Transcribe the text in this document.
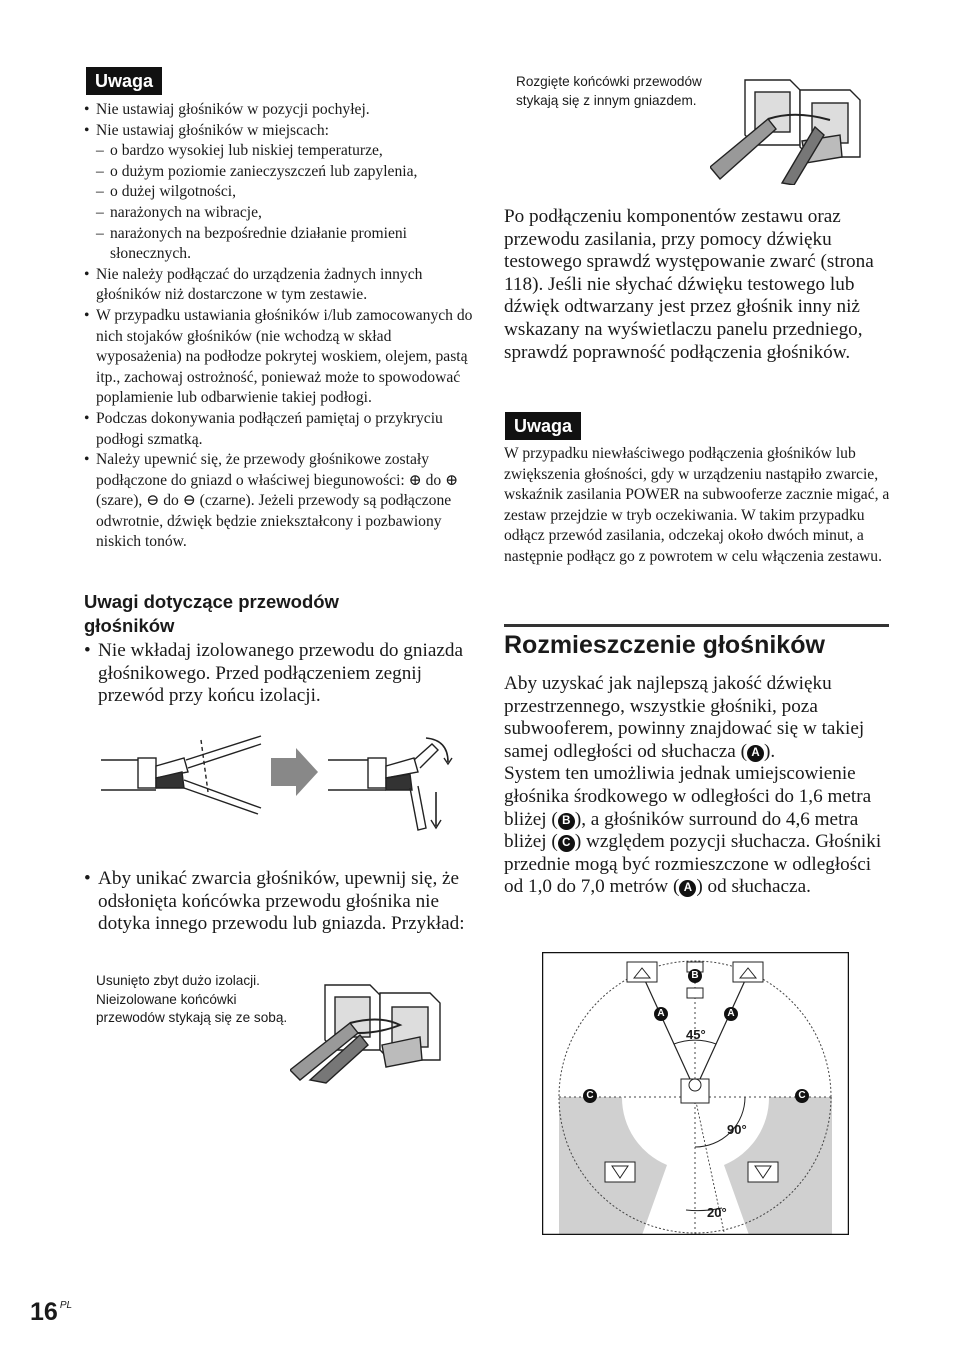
Uwaga
• Nie ustawiaj głośników w pozycji pochyłej.
• Nie ustawiaj głośników w miejscach:
– o bardzo wysokiej lub niskiej temperaturze,
– o dużym poziomie zanieczyszczeń lub zapylenia,
– o dużej wilgotności,
– narażonych na wibracje,
– narażonych na bezpośrednie działanie promieni słonecznych.
• Nie należy podłączać do urządzenia żadnych innych głośników niż dostarczone w tym zestawie.
• W przypadku ustawiania głośników i/lub zamocowanych do nich stojaków głośników (nie wchodzą w skład wyposażenia) na podłodze pokrytej woskiem, olejem, pastą itp., zachowaj ostrożność, ponieważ może to spowodować poplamienie lub odbarwienie takiej podłogi.
• Podczas dokonywania podłączeń pamiętaj o przykryciu podłogi szmatką.
• Należy upewnić się, że przewody głośnikowe zostały podłączone do gniazd o właściwej biegunowości: ⊕ do ⊕ (szare), ⊖ do ⊖ (czarne). Jeżeli przewody są podłączone odwrotnie, dźwięk będzie zniekształcony i pozbawiony niskich tonów.
Uwagi dotyczące przewodów głośników
• Nie wkładaj izolowanego przewodu do gniazda głośnikowego. Przed podłączeniem zegnij przewód przy końcu izolacji.
• Aby unikać zwarcia głośników, upewnij się, że odsłonięta końcówka przewodu głośnika nie dotyka innego przewodu lub gniazda. Przykład:
Usunięto zbyt dużo izolacji. Nieizolowane końcówki przewodów stykają się ze sobą.
Rozgięte końcówki przewodów stykają się z innym gniazdem.
Po podłączeniu komponentów zestawu oraz przewodu zasilania, przy pomocy dźwięku testowego sprawdź występowanie zwarć (strona 118). Jeśli nie słychać dźwięku testowego lub dźwięk odtwarzany jest przez głośnik inny niż wskazany na wyświetlaczu panelu przedniego, sprawdź poprawność podłączenia głośników.
Uwaga
W przypadku niewłaściwego podłączenia głośników lub zwiększenia głośności, gdy w urządzeniu nastąpiło zwarcie, wskaźnik zasilania POWER na subwooferze zacznie migać, a zestaw przejdzie w tryb oczekiwania. W takim przypadku odłącz przewód zasilania, odczekaj około dwóch minut, a następnie podłącz go z powrotem w celu włączenia zestawu.
Rozmieszczenie głośników
Aby uzyskać jak najlepszą jakość dźwięku przestrzennego, wszystkie głośniki, poza subwooferem, powinny znajdować się w takiej samej odległości od słuchacza ( A ).
System ten umożliwia jednak umiejscowienie głośnika środkowego w odległości do 1,6 metra bliżej ( B ), a głośników surround do 4,6 metra bliżej ( C ) względem pozycji słuchacza. Głośniki przednie mogą być rozmieszczone w odległości od 1,0 do 7,0 metrów ( A ) od słuchacza.
B
A	A
C	C
45°
90°
20°
16 $^{PL}$
